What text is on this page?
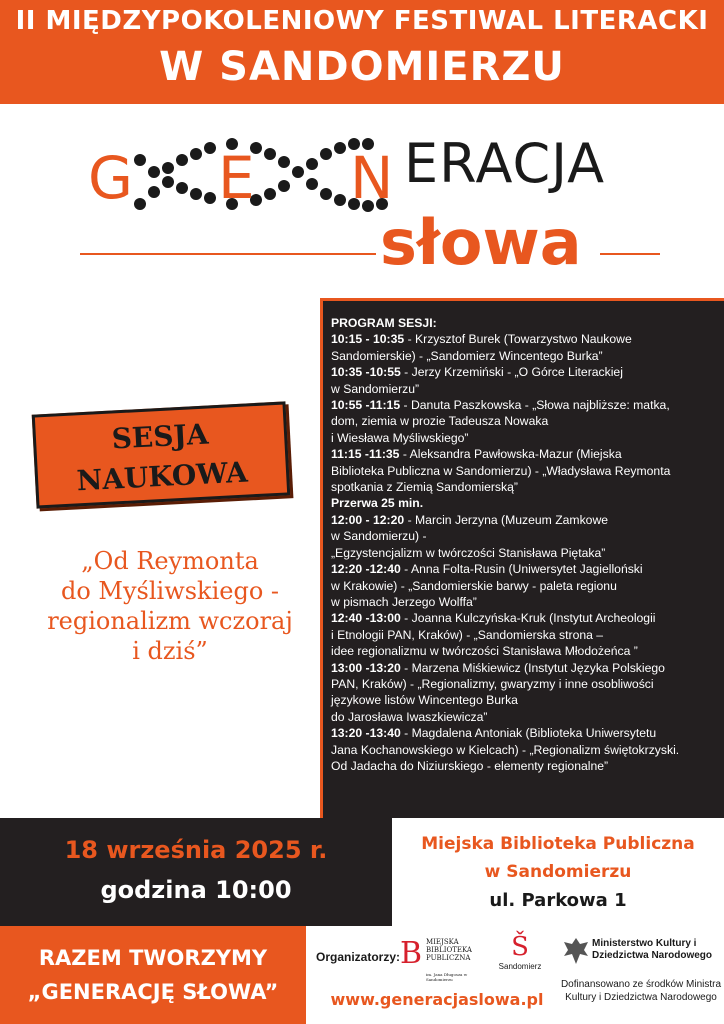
II MIĘDZYPOKOLENIOWY FESTIWAL LITERACKI
W SANDOMIERZU
G E N ERACJA
słowa
SESJA
NAUKOWA
„Od Reymonta
do Myśliwskiego -
regionalizm wczoraj
i dziś”
PROGRAM SESJI:
10:15 - 10:35 - Krzysztof Burek (Towarzystwo Naukowe
Sandomierskie) - „Sandomierz Wincentego Burka”
10:35 -10:55 - Jerzy Krzemiński - „O Górce Literackiej
w Sandomierzu”
10:55 -11:15 - Danuta Paszkowska - „Słowa najbliższe: matka,
dom, ziemia w prozie Tadeusza Nowaka
i Wiesława Myśliwskiego”
11:15 -11:35 - Aleksandra Pawłowska-Mazur (Miejska
Biblioteka Publiczna w Sandomierzu) - „Władysława Reymonta
spotkania z Ziemią Sandomierską”
Przerwa 25 min.
12:00 - 12:20 - Marcin Jerzyna (Muzeum Zamkowe
w Sandomierzu) -
„Egzystencjalizm w twórczości Stanisława Piętaka”
12:20 -12:40 - Anna Folta-Rusin (Uniwersytet Jagielloński
w Krakowie) - „Sandomierskie barwy - paleta regionu
w pismach Jerzego Wolffa”
12:40 -13:00 - Joanna Kulczyńska-Kruk (Instytut Archeologii
i Etnologii PAN, Kraków) - „Sandomierska strona –
idee regionalizmu w twórczości Stanisława Młodożeńca ”
13:00 -13:20 - Marzena Miśkiewicz (Instytut Języka Polskiego
PAN, Kraków) - „Regionalizmy, gwaryzmy i inne osobliwości
językowe listów Wincentego Burka
do Jarosława Iwaszkiewicza”
13:20 -13:40 - Magdalena Antoniak (Biblioteka Uniwersytetu
Jana Kochanowskiego w Kielcach) - „Regionalizm świętokrzyski.
Od Jadacha do Niziurskiego - elementy regionalne”
18 września 2025 r.
godzina 10:00
Miejska Biblioteka Publiczna
w Sandomierzu
ul. Parkowa 1
RAZEM TWORZYMY
„GENERACJĘ SŁOWA”
Organizatorzy: B MIEJSKA
BIBLIOTEKA
PUBLICZNA
im. Jana Długosza w Sandomierzu
Š
Sandomierz
www.generacjaslowa.pl
Ministerstwo Kultury i Dziedzictwa Narodowego
Dofinansowano ze środków Ministra Kultury i Dziedzictwa Narodowego
